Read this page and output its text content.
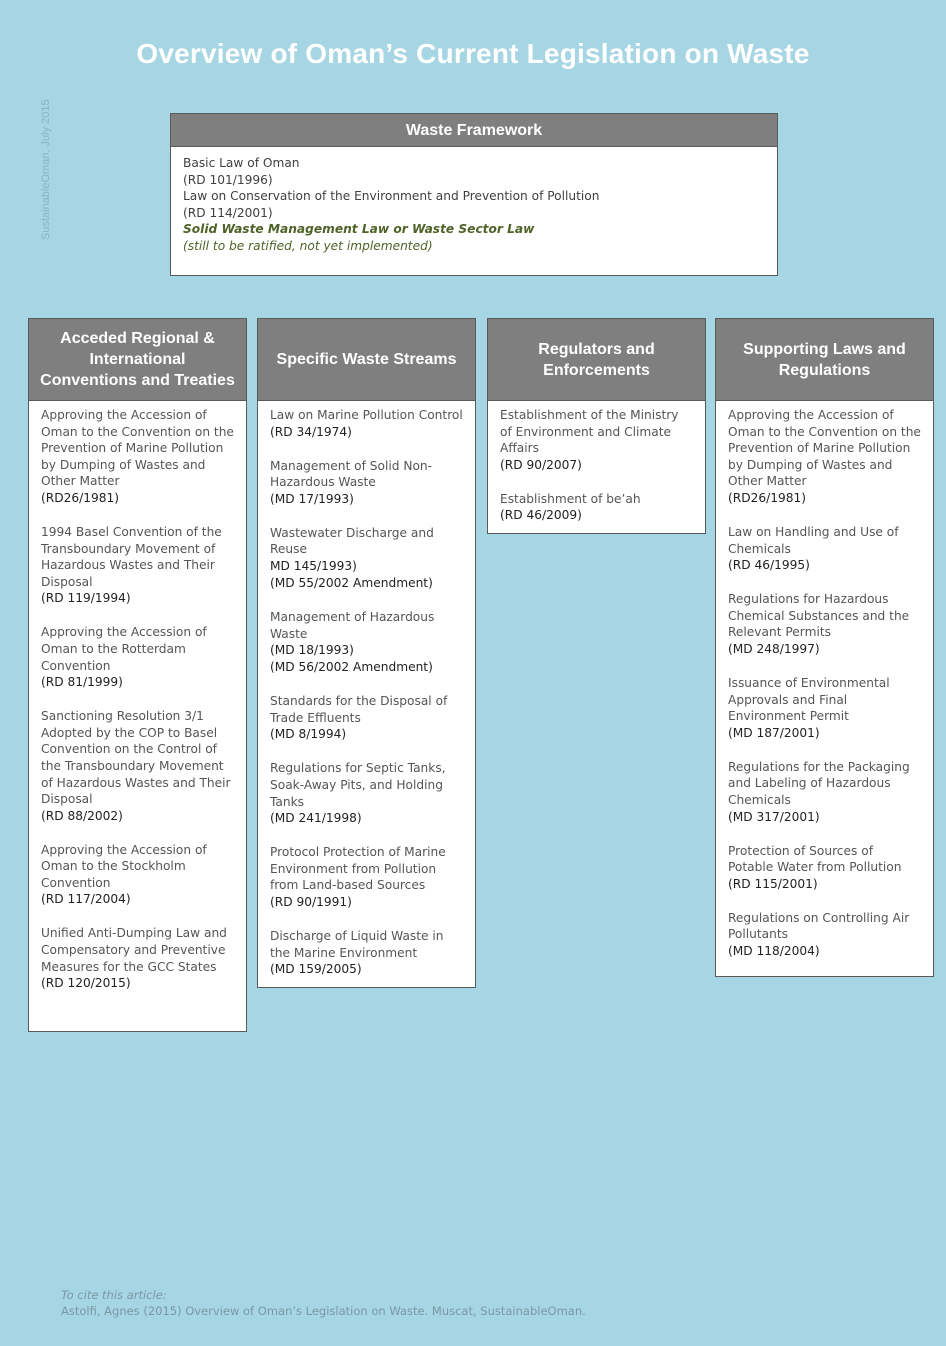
Overview of Oman’s Current Legislation on Waste
SustainableOman, July 2015	Waste Framework
Basic Law of Oman
(RD 101/1996)
Law on Conservation of the Environment and Prevention of Pollution
(RD 114/2001)
Solid Waste Management Law or Waste Sector Law
(still to be ratified, not yet implemented)
Acceded Regional & International Conventions and Treaties
Approving the Accession of Oman to the Convention on the Prevention of Marine Pollution by Dumping of Wastes and Other Matter
(RD26/1981)
1994 Basel Convention of the Transboundary Movement of Hazardous Wastes and Their Disposal
(RD 119/1994)
Approving the Accession of Oman to the Rotterdam Convention
(RD 81/1999)
Sanctioning Resolution 3/1 Adopted by the COP to Basel Convention on the Control of the Transboundary Movement of Hazardous Wastes and Their Disposal
(RD 88/2002)
Approving the Accession of Oman to the Stockholm Convention
(RD 117/2004)
Unified Anti-Dumping Law and Compensatory and Preventive Measures for the GCC States
(RD 120/2015)
Specific Waste Streams
Law on Marine Pollution Control
(RD 34/1974)
Management of Solid Non-Hazardous Waste
(MD 17/1993)
Wastewater Discharge and Reuse
MD 145/1993)
(MD 55/2002 Amendment)
Management of Hazardous Waste
(MD 18/1993)
(MD 56/2002 Amendment)
Standards for the Disposal of Trade Effluents
(MD 8/1994)
Regulations for Septic Tanks, Soak-Away Pits, and Holding Tanks
(MD 241/1998)
Protocol Protection of Marine Environment from Pollution from Land-based Sources
(RD 90/1991)
Discharge of Liquid Waste in the Marine Environment
(MD 159/2005)
Regulators and Enforcements
Establishment of the Ministry of Environment and Climate Affairs
(RD 90/2007)
Establishment of be’ah
(RD 46/2009)
Supporting Laws and Regulations
Approving the Accession of Oman to the Convention on the Prevention of Marine Pollution by Dumping of Wastes and Other Matter
(RD26/1981)
Law on Handling and Use of Chemicals
(RD 46/1995)
Regulations for Hazardous Chemical Substances and the Relevant Permits
(MD 248/1997)
Issuance of Environmental Approvals and Final Environment Permit
(MD 187/2001)
Regulations for the Packaging and Labeling of Hazardous Chemicals
(MD 317/2001)
Protection of Sources of Potable Water from Pollution
(RD 115/2001)
Regulations on Controlling Air Pollutants
(MD 118/2004)
To cite this article:
Astolfi, Agnes (2015) Overview of Oman’s Legislation on Waste. Muscat, SustainableOman.
